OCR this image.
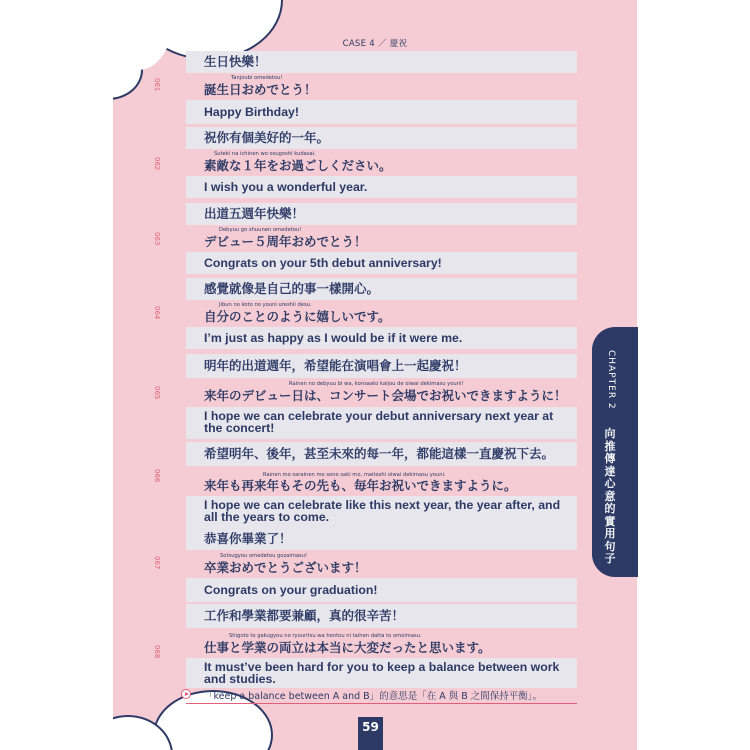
CASE 4 ／ 慶祝
061
生日快樂！
Tanjoubi omedetou!
誕生日おめでとう！
Happy Birthday!
062
祝你有個美好的一年。
Suteki na ichinen wo osugoshi kudasai.
素敵な１年をお過ごしください。
I wish you a wonderful year.
063
出道五週年快樂！
Debyuu go shuunen omedetou!
デビュー５周年おめでとう！
Congrats on your 5th debut anniversary!
064
感覺就像是自己的事一樣開心。
Jibun no koto no youni ureshii desu.
自分のことのように嬉しいです。
I’m just as happy as I would be if it were me.
065
明年的出道週年，希望能在演唱會上一起慶祝！
Rainen no debyuu bi wa, konsaato kaijou de oiwai dekimasu youni!
来年のデビュー日は、コンサート会場でお祝いできますように！
I hope we can celebrate your debut anniversary next year at the concert!
066
希望明年、後年，甚至未來的每一年，都能這樣一直慶祝下去。
Rainen mo sarainen mo sono saki mo, maitoshi oiwai dekimasu youni.
来年も再来年もその先も、毎年お祝いできますように。
I hope we can celebrate like this next year, the year after, and all the years to come.
067
恭喜你畢業了！
Sotsugyou omedetou gozaimasu!
卒業おめでとうございます！
Congrats on your graduation!
068
工作和學業都要兼顧，真的很辛苦！
Shigoto to gakugyou no ryouritsu wa hontou ni taihen datta to omoimasu.
仕事と学業の両立は本当に大変だったと思います。
It must’ve been hard for you to keep a balance between work and studies.
「keep a balance between A and B」的意思是「在 A 與 B 之間保持平衡」。
59
CHAPTER 2
向推傳達心意的實用句子
